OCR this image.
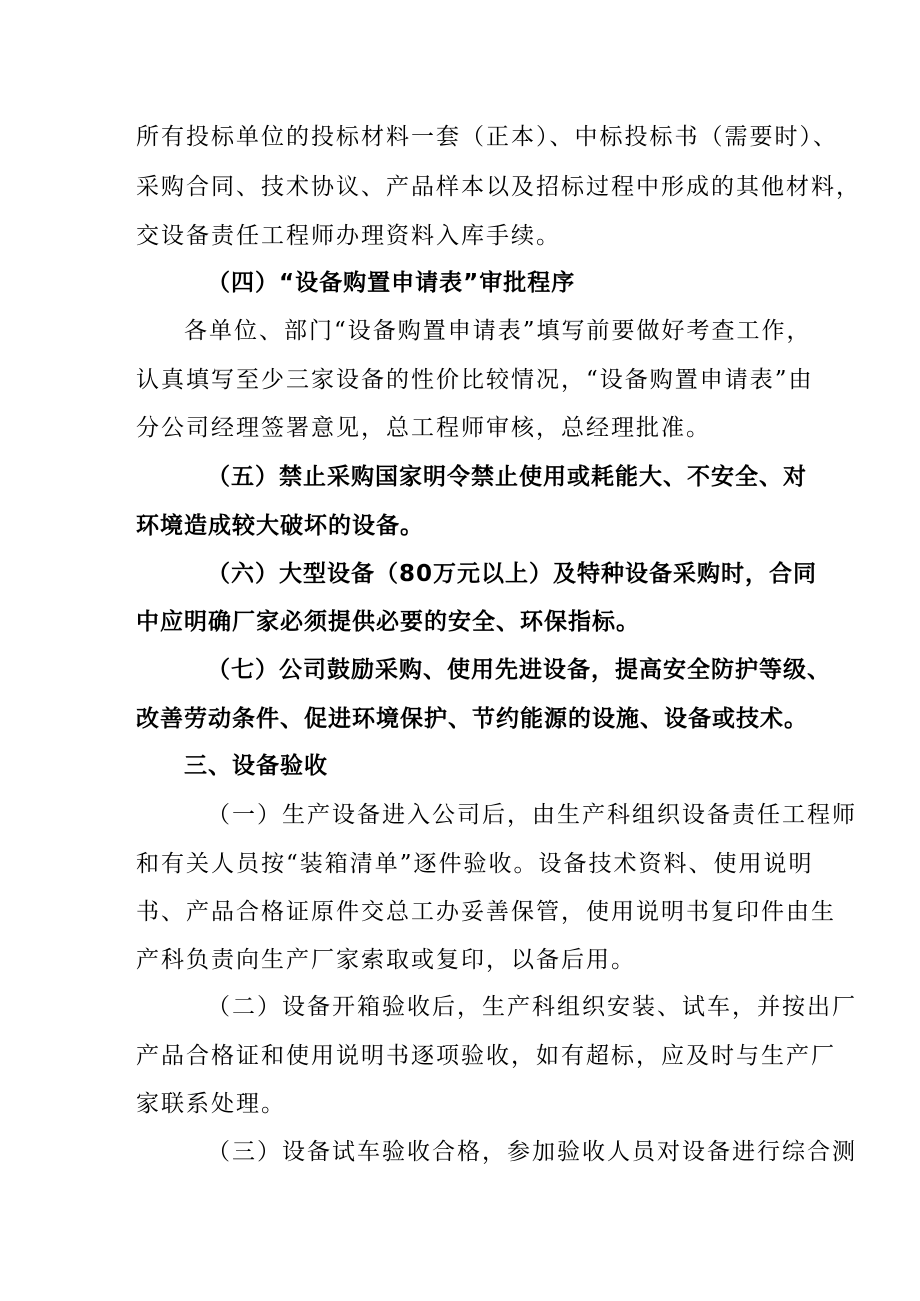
所有投标单位的投标材料一套（正本）、中标投标书（需要时）、
采购合同、技术协议、产品样本以及招标过程中形成的其他材料，
交设备责任工程师办理资料入库手续。
（四）“设备购置申请表”审批程序
各单位、部门“设备购置申请表”填写前要做好考查工作，
认真填写至少三家设备的性价比较情况，“设备购置申请表”由
分公司经理签署意见，总工程师审核，总经理批准。
（五）禁止采购国家明令禁止使用或耗能大、不安全、对
环境造成较大破坏的设备。
（六）大型设备（80万元以上）及特种设备采购时，合同
中应明确厂家必须提供必要的安全、环保指标。
（七）公司鼓励采购、使用先进设备，提高安全防护等级、
改善劳动条件、促进环境保护、节约能源的设施、设备或技术。
三、设备验收
（一）生产设备进入公司后，由生产科组织设备责任工程师
和有关人员按“装箱清单”逐件验收。设备技术资料、使用说明
书、产品合格证原件交总工办妥善保管，使用说明书复印件由生
产科负责向生产厂家索取或复印，以备后用。
（二）设备开箱验收后，生产科组织安装、试车，并按出厂
产品合格证和使用说明书逐项验收，如有超标，应及时与生产厂
家联系处理。
（三）设备试车验收合格，参加验收人员对设备进行综合测
